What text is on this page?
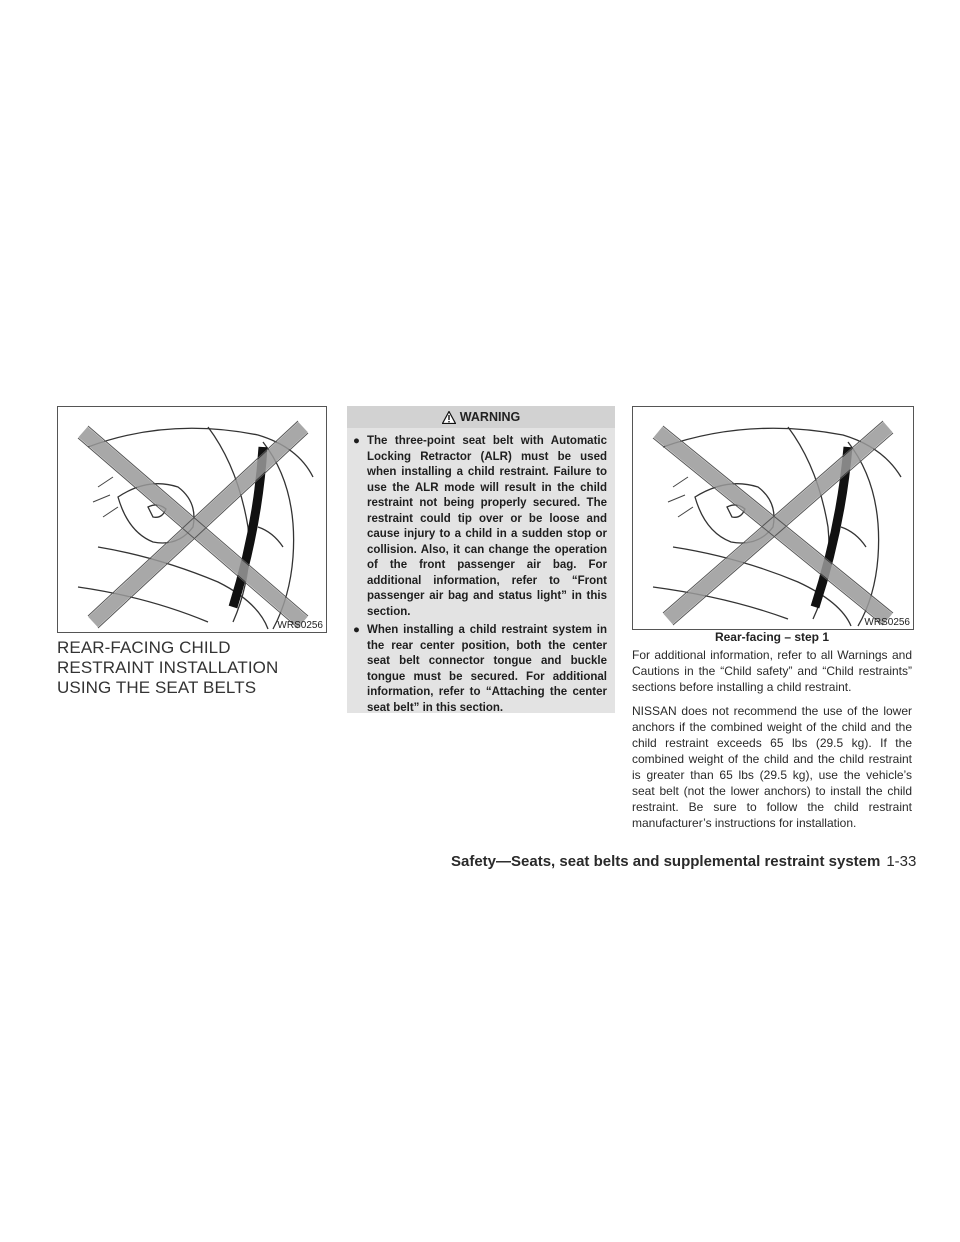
WRS0256
REAR-FACING CHILD RESTRAINT INSTALLATION USING THE SEAT BELTS
WARNING
● The three-point seat belt with Automatic Locking Retractor (ALR) must be used when installing a child restraint. Failure to use the ALR mode will result in the child restraint not being properly secured. The restraint could tip over or be loose and cause injury to a child in a sudden stop or collision. Also, it can change the operation of the front passenger air bag. For additional information, refer to “Front passenger air bag and status light” in this section.
● When installing a child restraint system in the rear center position, both the center seat belt connector tongue and buckle tongue must be secured. For additional information, refer to “Attaching the center seat belt” in this section.
WRS0256
Rear-facing – step 1

For additional information, refer to all Warnings and Cautions in the “Child safety” and “Child restraints” sections before installing a child restraint.

NISSAN does not recommend the use of the lower anchors if the combined weight of the child and the child restraint exceeds 65 lbs (29.5 kg). If the combined weight of the child and the child restraint is greater than 65 lbs (29.5 kg), use the vehicle’s seat belt (not the lower anchors) to install the child restraint. Be sure to follow the child restraint manufacturer’s instructions for installation.

Safety—Seats, seat belts and supplemental restraint system 1-33
